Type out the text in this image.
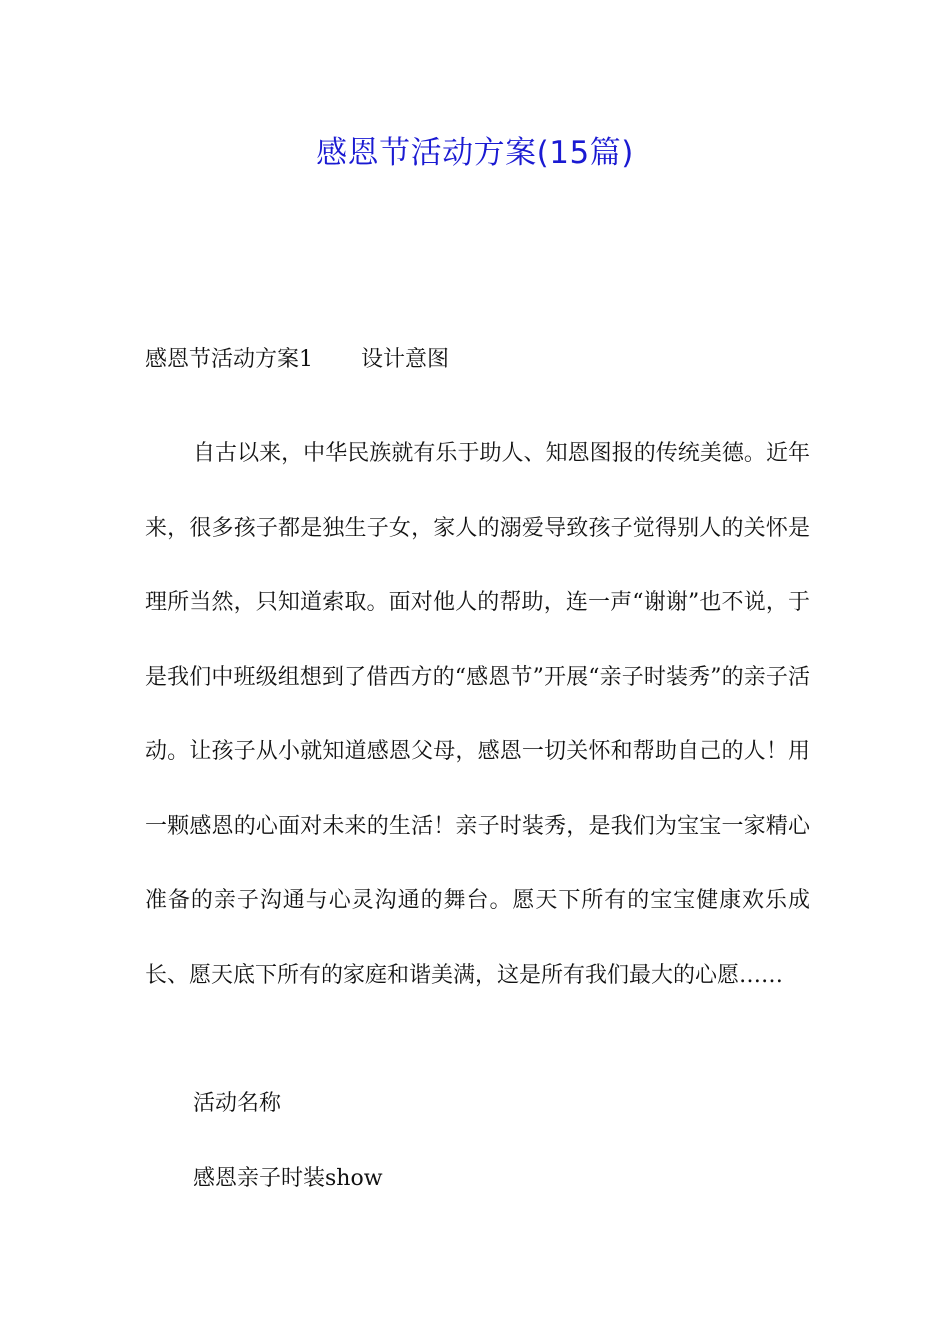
感恩节活动方案(15篇)
感恩节活动方案1 设计意图
自古以来，中华民族就有乐于助人、知恩图报的传统美德。近年来，很多孩子都是独生子女，家人的溺爱导致孩子觉得别人的关怀是理所当然，只知道索取。面对他人的帮助，连一声“谢谢”也不说，于是我们中班级组想到了借西方的“感恩节”开展“亲子时装秀”的亲子活动。让孩子从小就知道感恩父母，感恩一切关怀和帮助自己的人！用一颗感恩的心面对未来的生活！亲子时装秀，是我们为宝宝一家精心准备的亲子沟通与心灵沟通的舞台。愿天下所有的宝宝健康欢乐成长、愿天底下所有的家庭和谐美满，这是所有我们最大的心愿……
活动名称
感恩亲子时装show
